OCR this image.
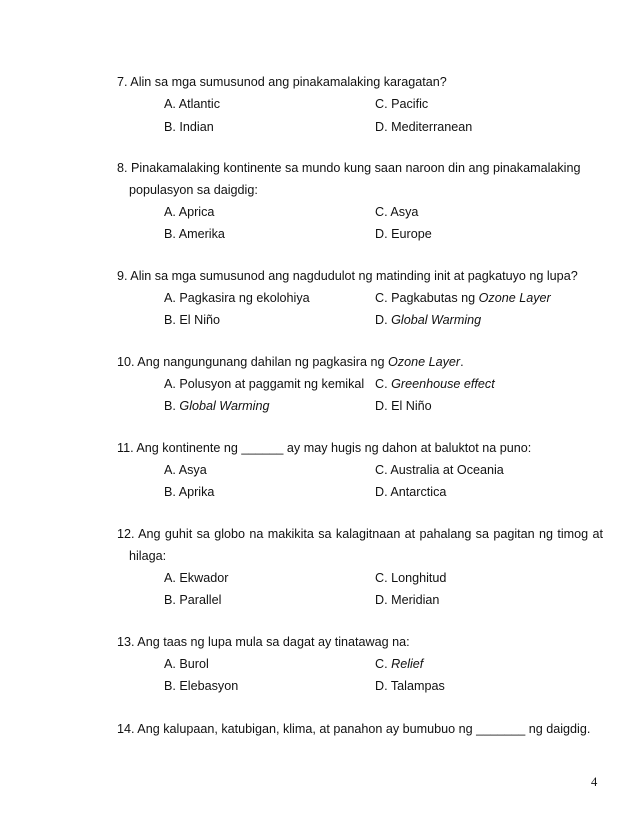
7. Alin sa mga sumusunod ang pinakamalaking karagatan?
A. Atlantic	C. Pacific
B. Indian	D. Mediterranean
8. Pinakamalaking kontinente sa mundo kung saan naroon din ang pinakamalaking
populasyon sa daigdig:
A. Aprica	C. Asya
B. Amerika	D. Europe
9. Alin sa mga sumusunod ang nagdudulot ng matinding init at pagkatuyo ng lupa?
A. Pagkasira ng ekolohiya	C. Pagkabutas ng Ozone Layer
B. El Niño	D. Global Warming
10. Ang nangungunang dahilan ng pagkasira ng Ozone Layer.
A. Polusyon at paggamit ng kemikal C. Greenhouse effect
B. Global Warming	D. El Niño
11. Ang kontinente ng ______ ay may hugis ng dahon at baluktot na puno:
A. Asya	C. Australia at Oceania
B. Aprika	D. Antarctica
12. Ang guhit sa globo na makikita sa kalagitnaan at pahalang sa pagitan ng timog at
hilaga:
A. Ekwador	C. Longhitud
B. Parallel	D. Meridian
13. Ang taas ng lupa mula sa dagat ay tinatawag na:
A. Burol	C. Relief
B. Elebasyon	D. Talampas
14. Ang kalupaan, katubigan, klima, at panahon ay bumubuo ng _______ ng daigdig.
4
